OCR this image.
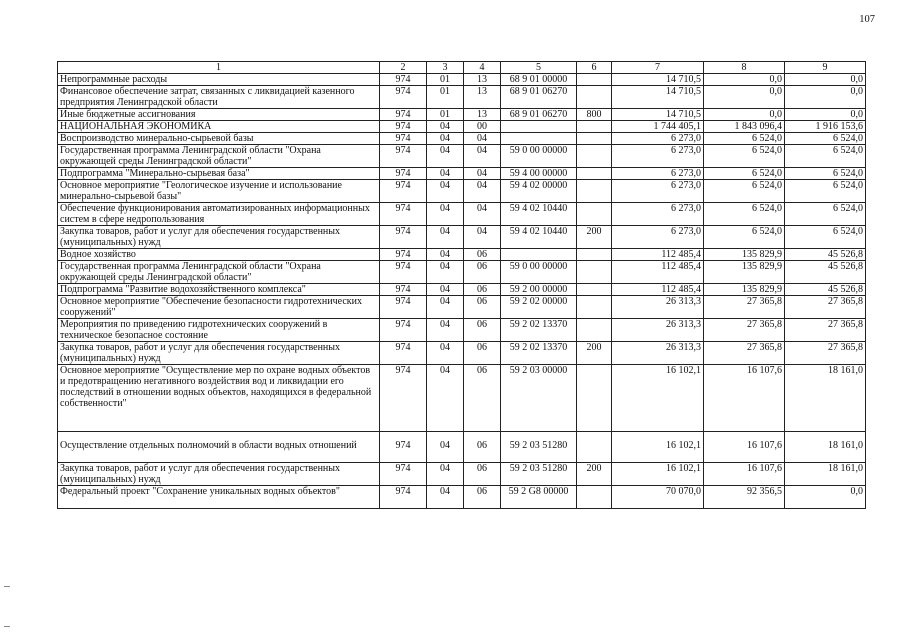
107
1	2	3	4	5	6	7	8	9
Непрограммные расходы	974	01	13	68 9 01 00000		14 710,5	0,0	0,0
Финансовое обеспечение затрат, связанных с ликвидацией казенного предприятия Ленинградской области	974	01	13	68 9 01 06270		14 710,5	0,0	0,0
Иные бюджетные ассигнования	974	01	13	68 9 01 06270	800	14 710,5	0,0	0,0
НАЦИОНАЛЬНАЯ ЭКОНОМИКА	974	04	00			1 744 405,1	1 843 096,4	1 916 153,6
Воспроизводство минерально-сырьевой базы	974	04	04			6 273,0	6 524,0	6 524,0
Государственная программа Ленинградской области "Охрана окружающей среды Ленинградской области"	974	04	04	59 0 00 00000		6 273,0	6 524,0	6 524,0
Подпрограмма "Минерально-сырьевая база"	974	04	04	59 4 00 00000		6 273,0	6 524,0	6 524,0
Основное мероприятие "Геологическое изучение и использование минерально-сырьевой базы"	974	04	04	59 4 02 00000		6 273,0	6 524,0	6 524,0
Обеспечение функционирования автоматизированных информационных систем в сфере недропользования	974	04	04	59 4 02 10440		6 273,0	6 524,0	6 524,0
Закупка товаров, работ и услуг для обеспечения государственных (муниципальных) нужд	974	04	04	59 4 02 10440	200	6 273,0	6 524,0	6 524,0
Водное хозяйство	974	04	06			112 485,4	135 829,9	45 526,8
Государственная программа Ленинградской области "Охрана окружающей среды Ленинградской области"	974	04	06	59 0 00 00000		112 485,4	135 829,9	45 526,8
Подпрограмма "Развитие водохозяйственного комплекса"	974	04	06	59 2 00 00000		112 485,4	135 829,9	45 526,8
Основное мероприятие "Обеспечение безопасности гидротехнических сооружений"	974	04	06	59 2 02 00000		26 313,3	27 365,8	27 365,8
Мероприятия по приведению гидротехнических сооружений в техническое безопасное состояние	974	04	06	59 2 02 13370		26 313,3	27 365,8	27 365,8
Закупка товаров, работ и услуг для обеспечения государственных (муниципальных) нужд	974	04	06	59 2 02 13370	200	26 313,3	27 365,8	27 365,8
Основное мероприятие "Осуществление мер по охране водных объектов и предотвращению негативного воздействия вод и ликвидации его последствий в отношении водных объектов, находящихся в федеральной собственности"	974	04	06	59 2 03 00000		16 102,1	16 107,6	18 161,0
Осуществление отдельных полномочий в области водных отношений	974	04	06	59 2 03 51280		16 102,1	16 107,6	18 161,0
Закупка товаров, работ и услуг для обеспечения государственных (муниципальных) нужд	974	04	06	59 2 03 51280	200	16 102,1	16 107,6	18 161,0
Федеральный проект "Сохранение уникальных водных объектов"	974	04	06	59 2 G8 00000		70 070,0	92 356,5	0,0
